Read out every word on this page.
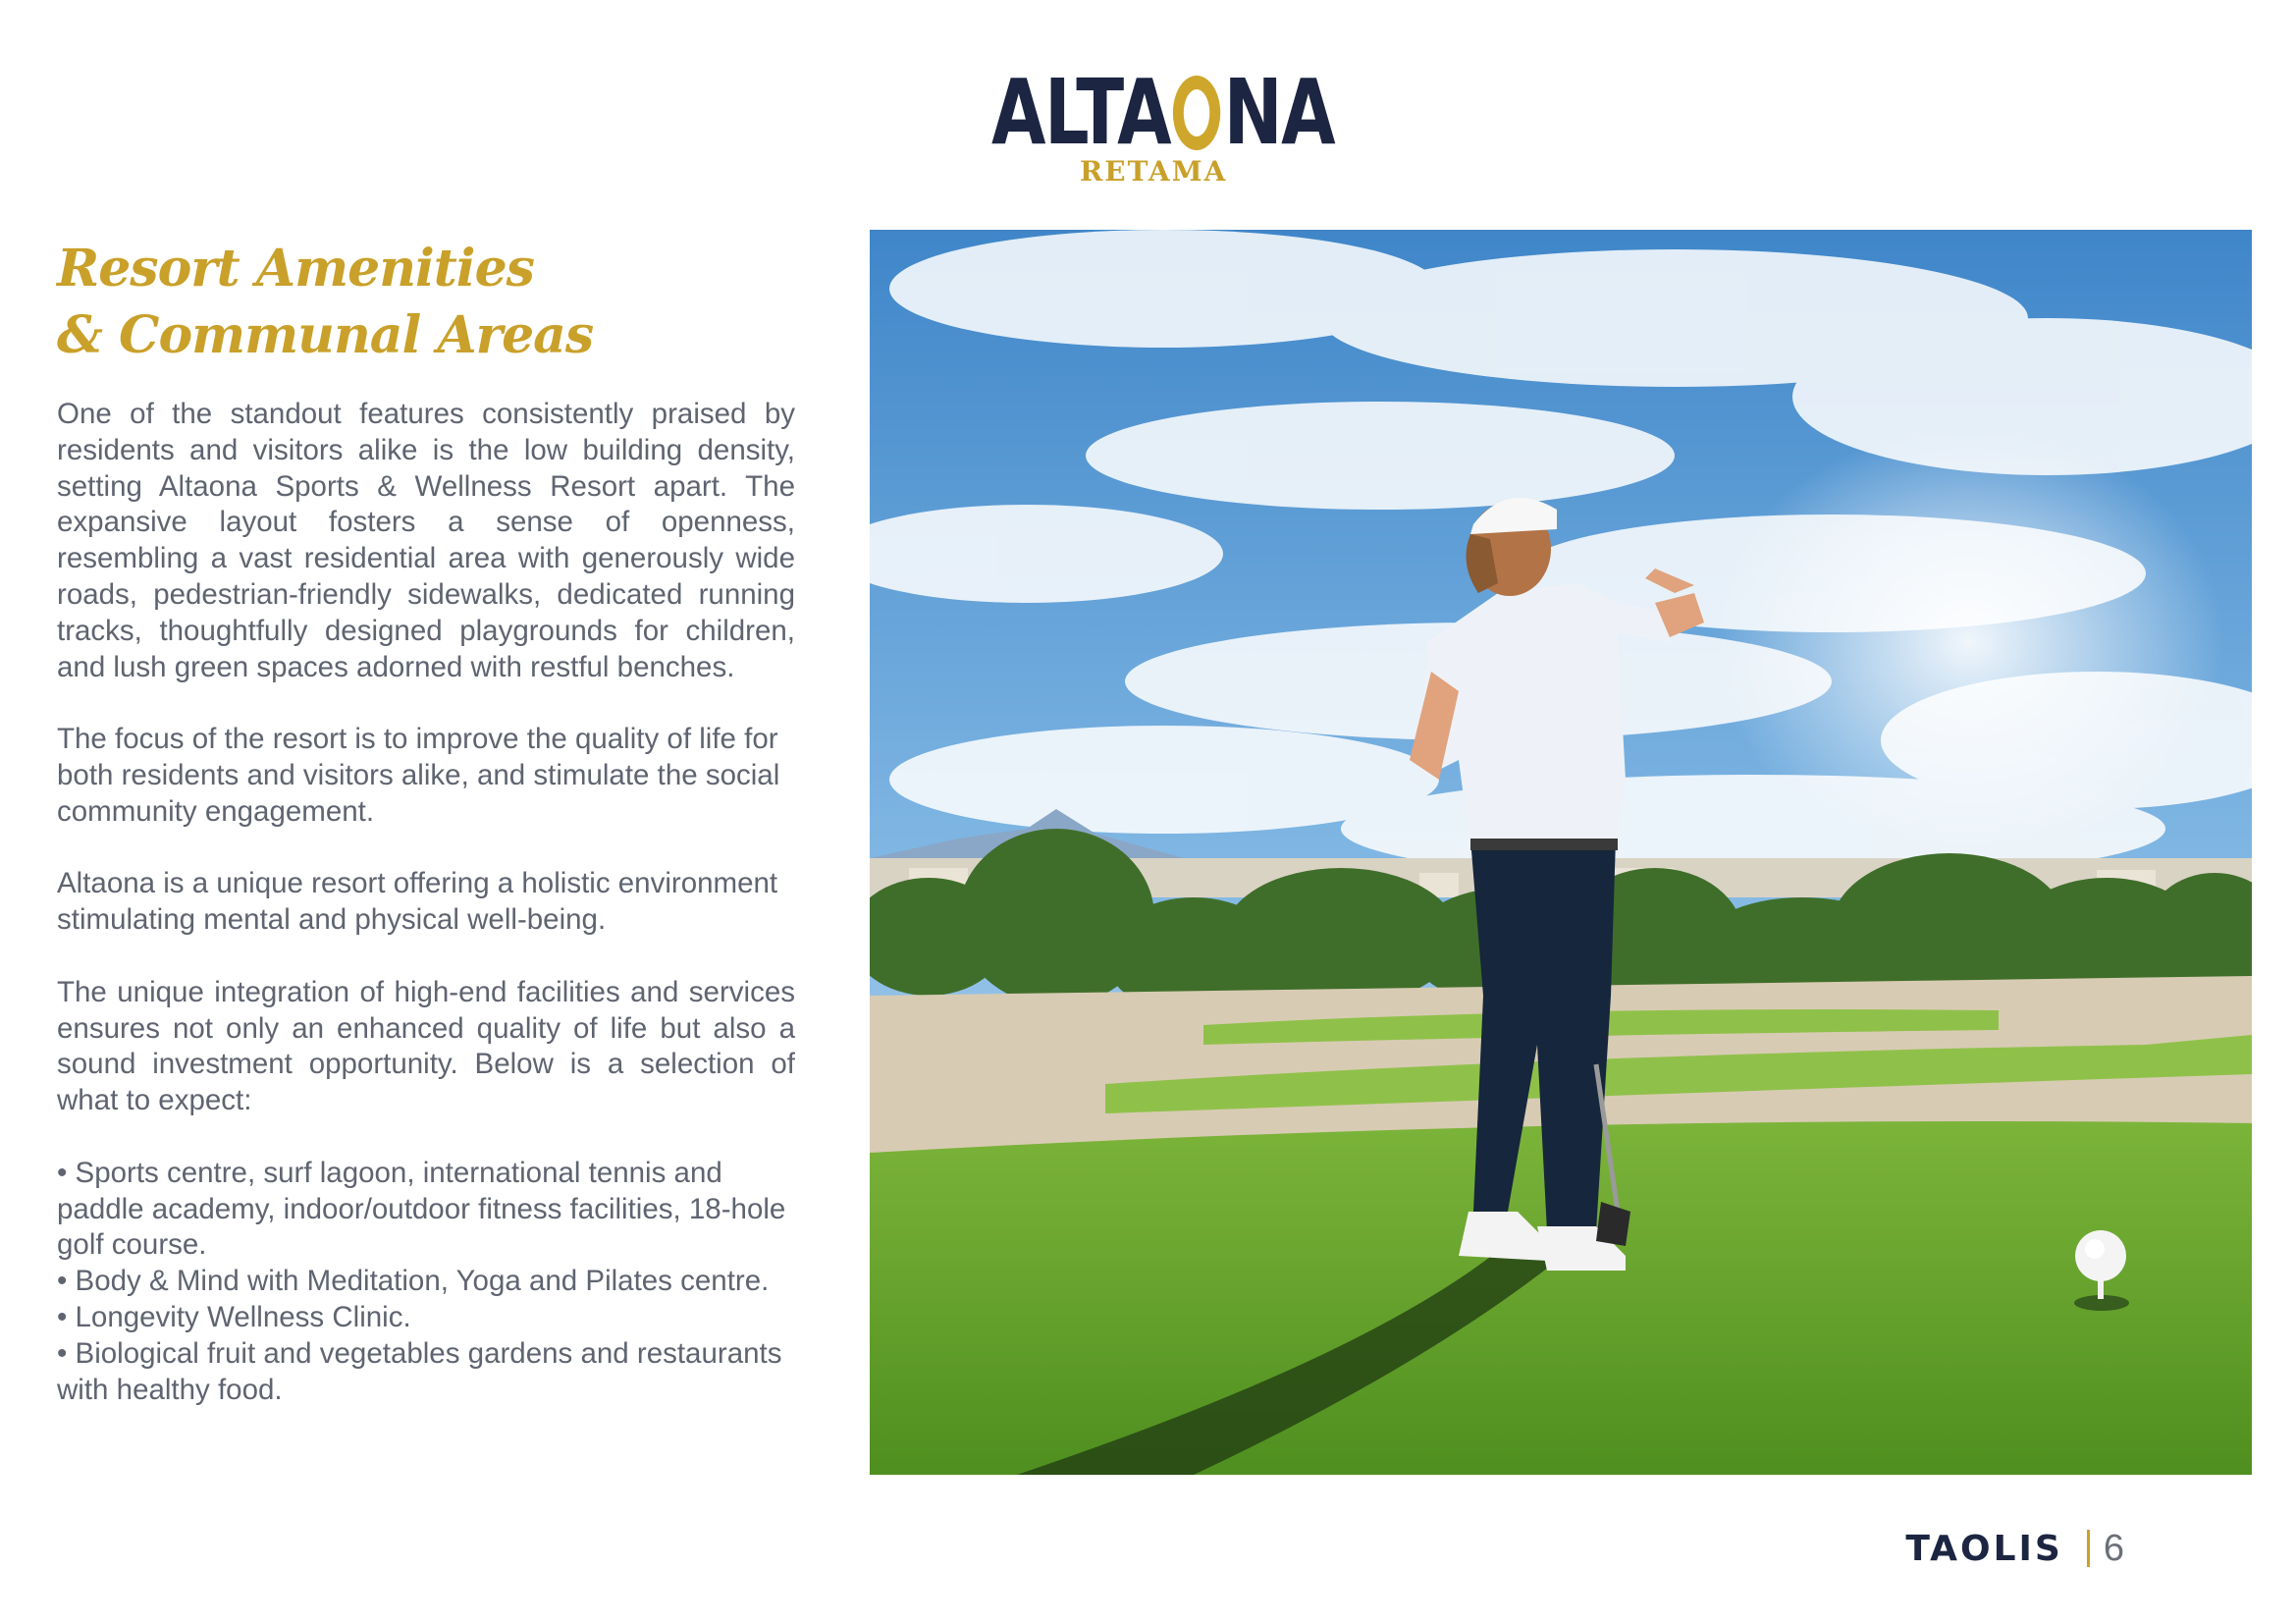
ALTA NA
RETAMA
Resort Amenities
& Communal Areas

One of the standout features consistently praised by residents and visitors alike is the low building density, setting Altaona Sports & Wellness Resort apart. The expansive layout fosters a sense of openness, resembling a vast residential area with generously wide roads, pedestrian-friendly sidewalks, dedicated running tracks, thoughtfully designed playgrounds for children, and lush green spaces adorned with restful benches.

The focus of the resort is to improve the quality of life for both residents and visitors alike, and stimulate the social community engagement.

Altaona is a unique resort offering a holistic environment stimulating mental and physical well-being.

The unique integration of high-end facilities and services ensures not only an enhanced quality of life but also a sound investment opportunity. Below is a selection of what to expect:

• Sports centre, surf lagoon, international tennis and paddle academy, indoor/outdoor fitness facilities, 18-hole golf course.
• Body & Mind with Meditation, Yoga and Pilates centre.
• Longevity Wellness Clinic.
• Biological fruit and vegetables gardens and restaurants with healthy food.
TAOLIS 6
